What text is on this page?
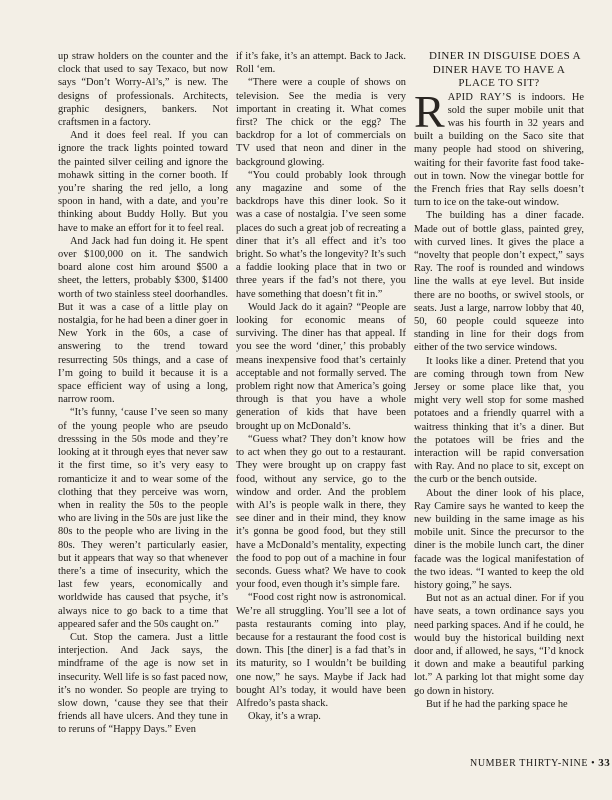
up straw holders on the counter and the clock that used to say Texaco, but now says “Don’t Worry-Al’s,” is new. The designs of professionals. Architects, graphic designers, bankers. Not craftsmen in a factory.

And it does feel real. If you can ignore the track lights pointed toward the painted silver ceiling and ignore the mohawk sitting in the corner booth. If you’re sharing the red jello, a long spoon in hand, with a date, and you’re thinking about Buddy Holly. But you have to make an effort for it to feel real.

And Jack had fun doing it. He spent over $100,000 on it. The sandwich board alone cost him around $500 a sheet, the letters, probably $300, $1400 worth of two stainless steel doorhandles. But it was a case of a little play on nostalgia, for he had been a diner goer in New York in the 60s, a case of answering to the trend toward resurrecting 50s things, and a case of I’m going to build it because it is a space efficient way of using a long, narrow room.

“It’s funny, ‘cause I’ve seen so many of the young people who are pseudo dresssing in the 50s mode and they’re looking at it through eyes that never saw it the first time, so it’s very easy to romanticize it and to wear some of the clothing that they perceive was worn, when in reality the 50s to the people who are living in the 50s are just like the 80s to the people who are living in the 80s. They weren’t particularly easier, but it appears that way so that whenever there’s a time of insecurity, which the last few years, economically and worldwide has caused that psyche, it’s always nice to go back to a time that appeared safer and the 50s caught on.”

Cut. Stop the camera. Just a little interjection. And Jack says, the mindframe of the age is now set in insecurity. Well life is so fast paced now, it’s no wonder. So people are trying to slow down, ‘cause they see that their friends all have ulcers. And they tune in to reruns of “Happy Days.” Even

if it’s fake, it’s an attempt. Back to Jack. Roll ‘em.

“There were a couple of shows on television. See the media is very important in creating it. What comes first? The chick or the egg? The backdrop for a lot of commercials on TV used that neon and diner in the background glowing.

“You could probably look through any magazine and some of the backdrops have this diner look. So it was a case of nostalgia. I’ve seen some places do such a great job of recreating a diner that it’s all effect and it’s too bright. So what’s the longevity? It’s such a faddie looking place that in two or three years if the fad’s not there, you have something that doesn’t fit in.”

Would Jack do it again? “People are looking for economic means of surviving. The diner has that appeal. If you see the word ‘diner,’ this probably means inexpensive food that’s certainly acceptable and not formally served. The problem right now that America’s going through is that you have a whole generation of kids that have been brought up on McDonald’s.

“Guess what? They don’t know how to act when they go out to a restaurant. They were brought up on crappy fast food, without any service, go to the window and order. And the problem with Al’s is people walk in there, they see diner and in their mind, they know it’s gonna be good food, but they still have a McDonald’s mentality, expecting the food to pop out of a machine in four seconds. Guess what? We have to cook your food, even though it’s simple fare.

“Food cost right now is astronomical. We’re all struggling. You’ll see a lot of pasta restaurants coming into play, because for a restaurant the food cost is down. This [the diner] is a fad that’s in its maturity, so I wouldn’t be building one now,” he says. Maybe if Jack had bought Al’s today, it would have been Alfredo’s pasta shack.

Okay, it’s a wrap.

DINER IN DISGUISE DOES A DINER HAVE TO HAVE A PLACE TO SIT?

RAPID RAY’S is indoors. He sold the super mobile unit that was his fourth in 32 years and built a building on the Saco site that many people had stood on shivering, waiting for their favorite fast food take-out in town. Now the vinegar bottle for the French fries that Ray sells doesn’t turn to ice on the take-out window.

The building has a diner facade. Made out of bottle glass, painted grey, with curved lines. It gives the place a “novelty that people don’t expect,” says Ray. The roof is rounded and windows line the walls at eye level. But inside there are no booths, or swivel stools, or seats. Just a large, narrow lobby that 40, 50, 60 people could squeeze into standing in line for their dogs from either of the two service windows.

It looks like a diner. Pretend that you are coming through town from New Jersey or some place like that, you might very well stop for some mashed potatoes and a friendly quarrel with a waitress thinking that it’s a diner. But the potatoes will be fries and the interaction will be rapid conversation with Ray. And no place to sit, except on the curb or the bench outside.

About the diner look of his place, Ray Camire says he wanted to keep the new building in the same image as his mobile unit. Since the precursor to the diner is the mobile lunch cart, the diner facade was the logical manifestation of the two ideas. “I wanted to keep the old history going,” he says.

But not as an actual diner. For if you have seats, a town ordinance says you need parking spaces. And if he could, he would buy the historical building next door and, if allowed, he says, “I’d knock it down and make a beautiful parking lot.” A parking lot that might some day go down in history.

But if he had the parking space he

NUMBER THIRTY-NINE • 33
